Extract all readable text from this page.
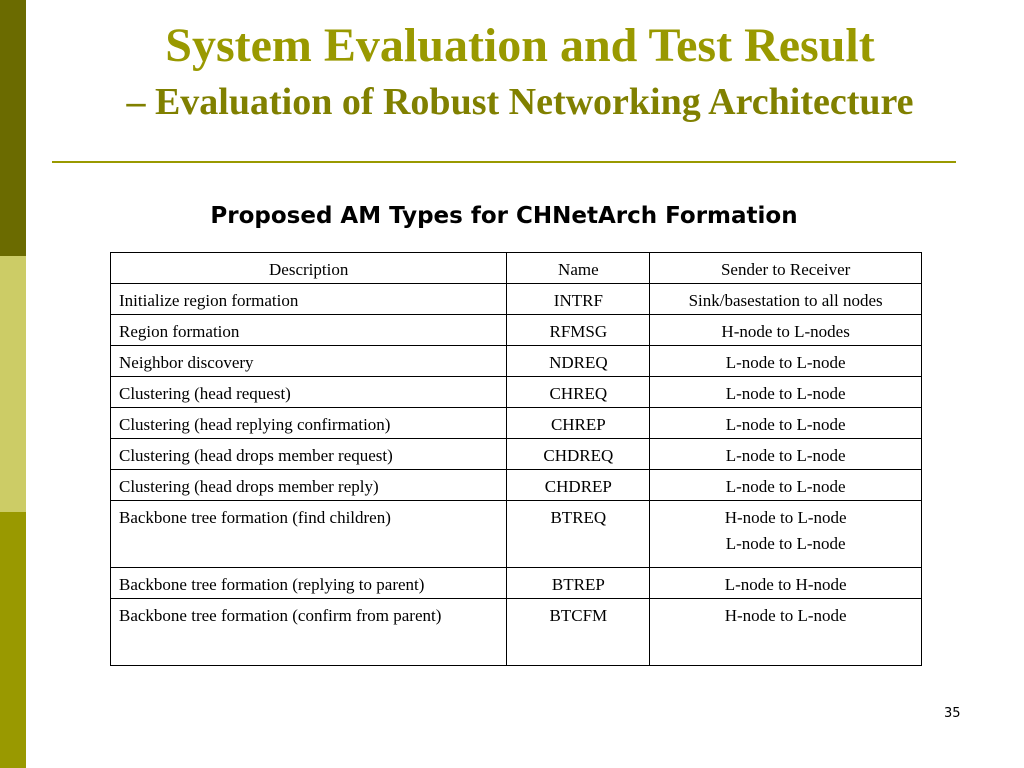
System Evaluation and Test Result
– Evaluation of Robust Networking Architecture

Proposed AM Types for CHNetArch Formation

Description	Name	Sender to Receiver
Initialize region formation	INTRF	Sink/basestation to all nodes

Region formation	RFMSG	H-node to L-nodes

Neighbor discovery	NDREQ	L-node to L-node

Clustering (head request)	CHREQ	L-node to L-node

Clustering (head replying confirmation)	CHREP	L-node to L-node

Clustering (head drops member request)	CHDREQ	L-node to L-node

Clustering (head drops member reply)	CHDREP	L-node to L-node

Backbone tree formation (find children)	BTREQ	H-node to L-node
L-node to L-node

Backbone tree formation (replying to parent)	BTREP	L-node to H-node

Backbone tree formation (confirm from parent)	BTCFM	H-node to L-node
35
